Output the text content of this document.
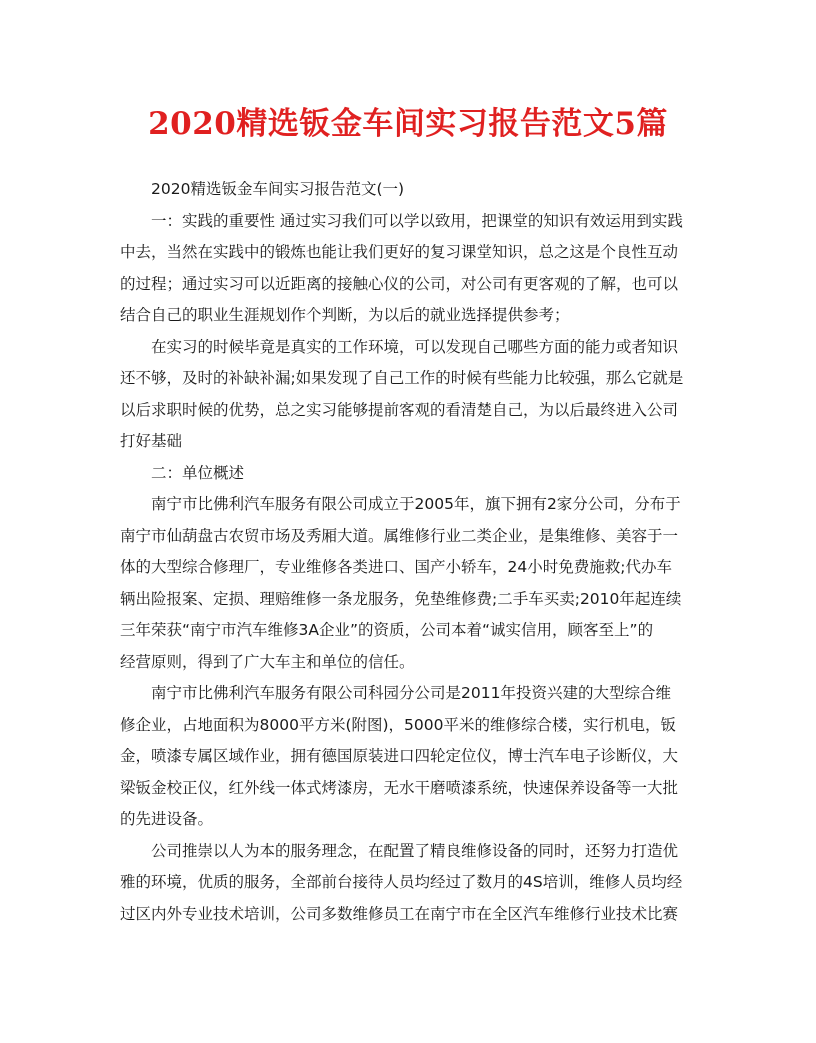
2020精选钣金车间实习报告范文5篇
2020精选钣金车间实习报告范文(一)
一：实践的重要性 通过实习我们可以学以致用，把课堂的知识有效运用到实践
中去，当然在实践中的锻炼也能让我们更好的复习课堂知识，总之这是个良性互动
的过程；通过实习可以近距离的接触心仪的公司，对公司有更客观的了解，也可以
结合自己的职业生涯规划作个判断，为以后的就业选择提供参考；
在实习的时候毕竟是真实的工作环境，可以发现自己哪些方面的能力或者知识
还不够，及时的补缺补漏;如果发现了自己工作的时候有些能力比较强，那么它就是
以后求职时候的优势，总之实习能够提前客观的看清楚自己，为以后最终进入公司
打好基础
二：单位概述
南宁市比佛利汽车服务有限公司成立于2005年，旗下拥有2家分公司，分布于
南宁市仙葫盘古农贸市场及秀厢大道。属维修行业二类企业，是集维修、美容于一
体的大型综合修理厂，专业维修各类进口、国产小轿车，24小时免费施救;代办车
辆出险报案、定损、理赔维修一条龙服务，免垫维修费;二手车买卖;2010年起连续
三年荣获“南宁市汽车维修3A企业”的资质，公司本着“诚实信用，顾客至上”的
经营原则，得到了广大车主和单位的信任。
南宁市比佛利汽车服务有限公司科园分公司是2011年投资兴建的大型综合维
修企业，占地面积为8000平方米(附图)，5000平米的维修综合楼，实行机电，钣
金，喷漆专属区域作业，拥有德国原装进口四轮定位仪，博士汽车电子诊断仪，大
梁钣金校正仪，红外线一体式烤漆房，无水干磨喷漆系统，快速保养设备等一大批
的先进设备。
公司推崇以人为本的服务理念，在配置了精良维修设备的同时，还努力打造优
雅的环境，优质的服务，全部前台接待人员均经过了数月的4S培训，维修人员均经
过区内外专业技术培训，公司多数维修员工在南宁市在全区汽车维修行业技术比赛
